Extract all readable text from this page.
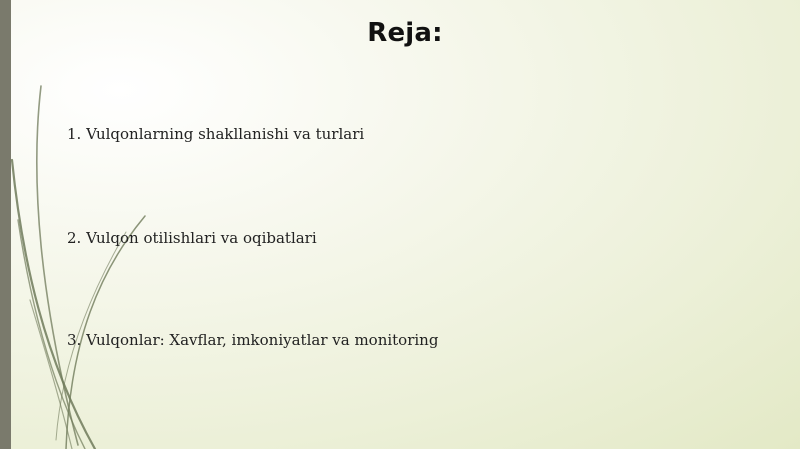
Reja:
1. Vulqonlarning shakllanishi va turlari
2. Vulqon otilishlari va oqibatlari
3. Vulqonlar: Xavflar, imkoniyatlar va monitoring
